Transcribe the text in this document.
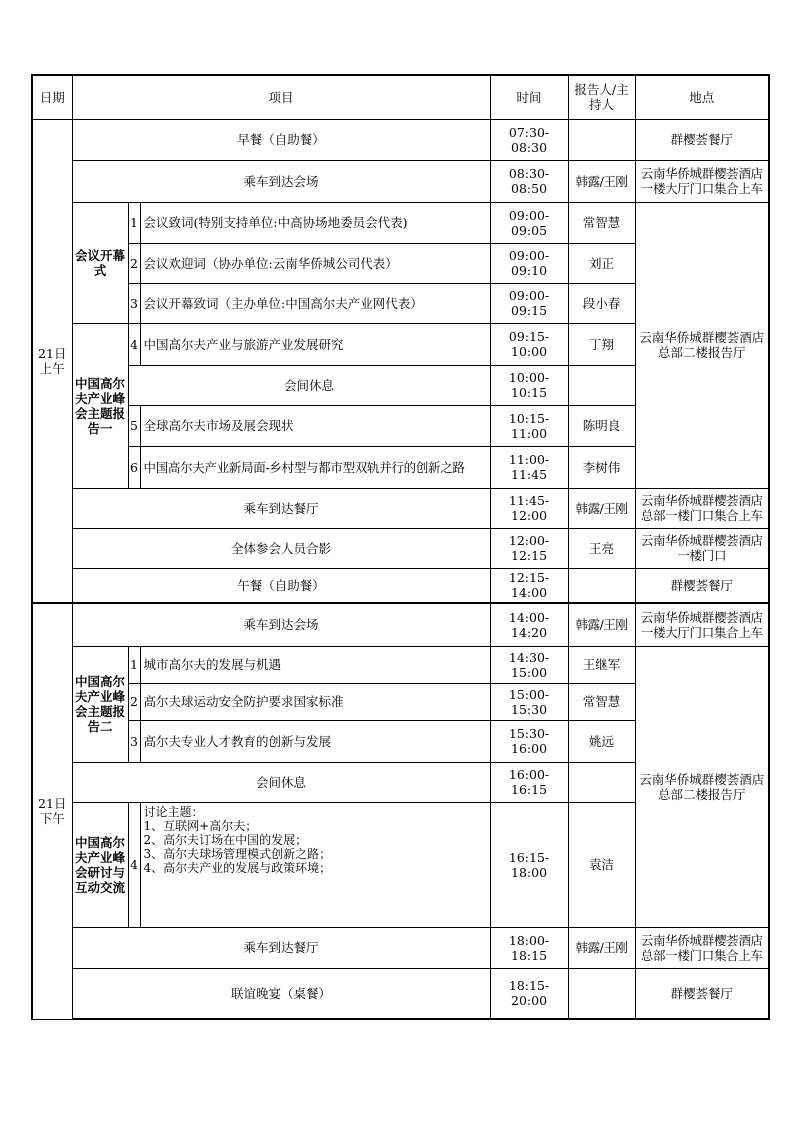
日期	项目			时间	报告人/主持人	地点
21日上午	早餐（自助餐）			07:30-08:30		群樱荟餐厅
	乘车到达会场			08:30-08:50	韩露/王刚	云南华侨城群樱荟酒店一楼大厅门口集合上车
	会议开幕式	1	会议致词(特别支持单位:中高协场地委员会代表)	09:00-09:05	常智慧	云南华侨城群樱荟酒店总部二楼报告厅
		2	会议欢迎词（协办单位:云南华侨城公司代表）	09:00-09:10	刘正	
		3	会议开幕致词（主办单位:中国高尔夫产业网代表）	09:00-09:15	段小春	
	中国高尔夫产业峰会主题报告一	4	中国高尔夫产业与旅游产业发展研究	09:15-10:00	丁翔	
		会间休息		10:00-10:15		
		5	全球高尔夫市场及展会现状	10:15-11:00	陈明良	
		6	中国高尔夫产业新局面-乡村型与都市型双轨并行的创新之路	11:00-11:45	李树伟	
	乘车到达餐厅			11:45-12:00	韩露/王刚	云南华侨城群樱荟酒店总部一楼门口集合上车
	全体参会人员合影			12:00-12:15	王亮	云南华侨城群樱荟酒店一楼门口
	午餐（自助餐）			12:15-14:00		群樱荟餐厅
21日下午	乘车到达会场			14:00-14:20	韩露/王刚	云南华侨城群樱荟酒店一楼大厅门口集合上车
	中国高尔夫产业峰会主题报告二	1	城市高尔夫的发展与机遇	14:30-15:00	王继军	云南华侨城群樱荟酒店总部二楼报告厅
		2	高尔夫球运动安全防护要求国家标准	15:00-15:30	常智慧	
		3	高尔夫专业人才教育的创新与发展	15:30-16:00	姚远	
	会间休息			16:00-16:15		
	中国高尔夫产业峰会研讨与互动交流	4	讨论主题：
1、互联网+高尔夫；
2、高尔夫订场在中国的发展；
3、高尔夫球场管理模式创新之路；
4、高尔夫产业的发展与政策环境；	16:15-18:00	袁洁	
	乘车到达餐厅			18:00-18:15	韩露/王刚	云南华侨城群樱荟酒店总部一楼门口集合上车
	联谊晚宴（桌餐）			18:15-20:00		群樱荟餐厅
